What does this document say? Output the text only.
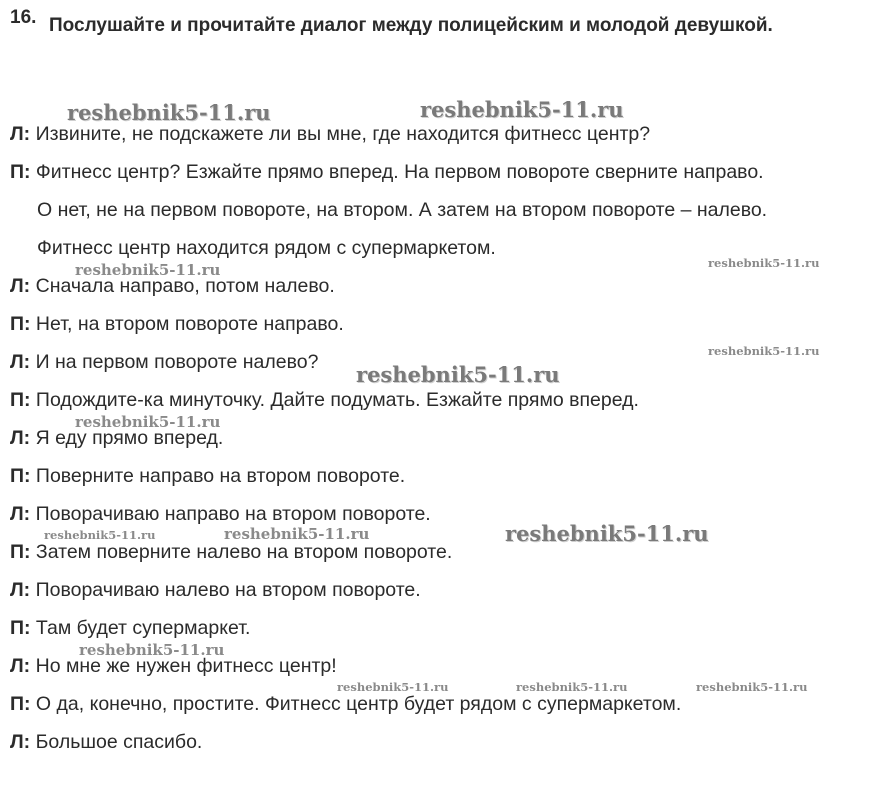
16. Послушайте и прочитайте диалог между полицейским и молодой девушкой.
reshebnik5-11.ru	reshebnik5-11.ru
reshebnik5-11.ru	reshebnik5-11.ru
reshebnik5-11.ru
reshebnik5-11.ru
reshebnik5-11.ru
reshebnik5-11.ru	reshebnik5-11.ru	reshebnik5-11.ru
reshebnik5-11.ru
reshebnik5-11.ru	reshebnik5-11.ru	reshebnik5-11.ru
Л: Извините, не подскажете ли вы мне, где находится фитнесс центр?
П: Фитнесс центр? Езжайте прямо вперед. На первом повороте сверните направо.
О нет, не на первом повороте, на втором. А затем на втором повороте – налево.
Фитнесс центр находится рядом с супермаркетом.
Л: Сначала направо, потом налево.
П: Нет, на втором повороте направо.
Л: И на первом повороте налево?
П: Подождите-ка минуточку. Дайте подумать. Езжайте прямо вперед.
Л: Я еду прямо вперед.
П: Поверните направо на втором повороте.
Л: Поворачиваю направо на втором повороте.
П: Затем поверните налево на втором повороте.
Л: Поворачиваю налево на втором повороте.
П: Там будет супермаркет.
Л: Но мне же нужен фитнесс центр!
П: О да, конечно, простите. Фитнесс центр будет рядом с супермаркетом.
Л: Большое спасибо.
